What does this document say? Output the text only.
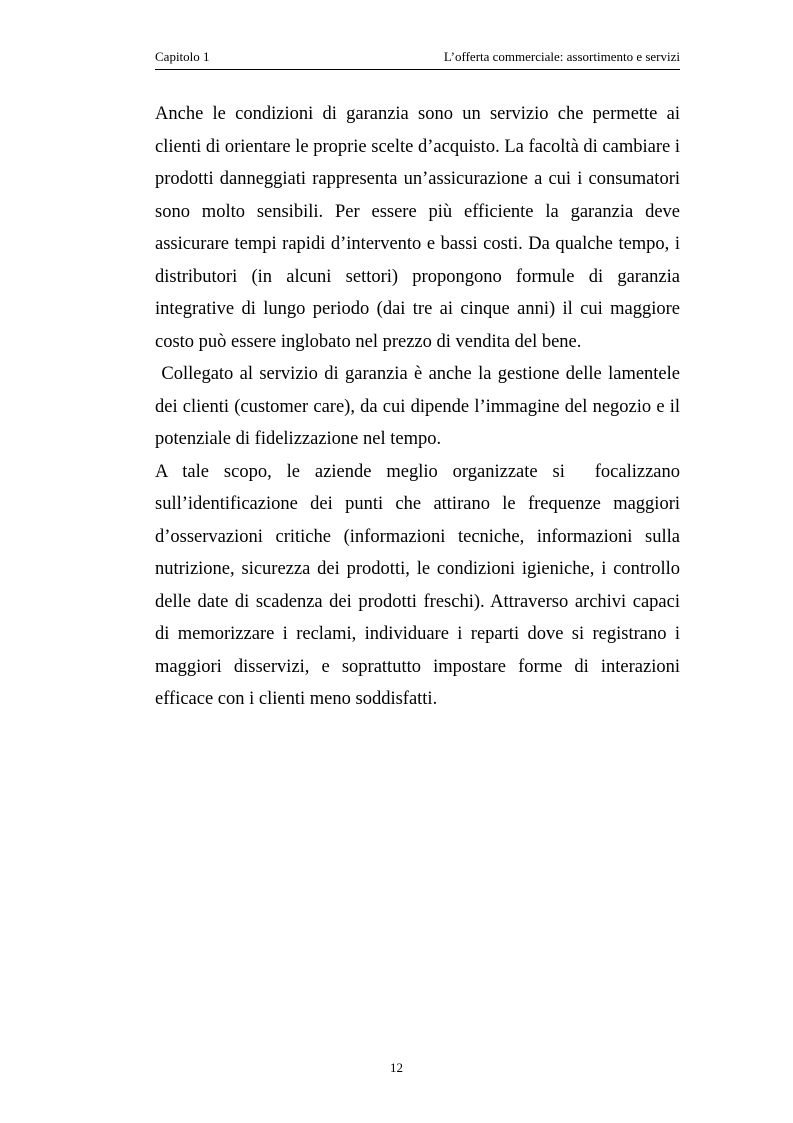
Capitolo 1	L’offerta commerciale: assortimento e servizi

Anche le condizioni di garanzia sono un servizio che permette ai clienti di orientare le proprie scelte d’acquisto. La facoltà di cambiare i prodotti danneggiati rappresenta un’assicurazione a cui i consumatori sono molto sensibili. Per essere più efficiente la garanzia deve assicurare tempi rapidi d’intervento e bassi costi. Da qualche tempo, i distributori (in alcuni settori) propongono formule di garanzia integrative di lungo periodo (dai tre ai cinque anni) il cui maggiore costo può essere inglobato nel prezzo di vendita del bene.

Collegato al servizio di garanzia è anche la gestione delle lamentele dei clienti (customer care), da cui dipende l’immagine del negozio e il potenziale di fidelizzazione nel tempo.

A tale scopo, le aziende meglio organizzate si  focalizzano sull’identificazione dei punti che attirano le frequenze maggiori d’osservazioni critiche (informazioni tecniche, informazioni sulla nutrizione, sicurezza dei prodotti, le condizioni igieniche, i controllo delle date di scadenza dei prodotti freschi). Attraverso archivi capaci di memorizzare i reclami, individuare i reparti dove si registrano i maggiori disservizi, e soprattutto impostare forme di interazioni efficace con i clienti meno soddisfatti.

12
